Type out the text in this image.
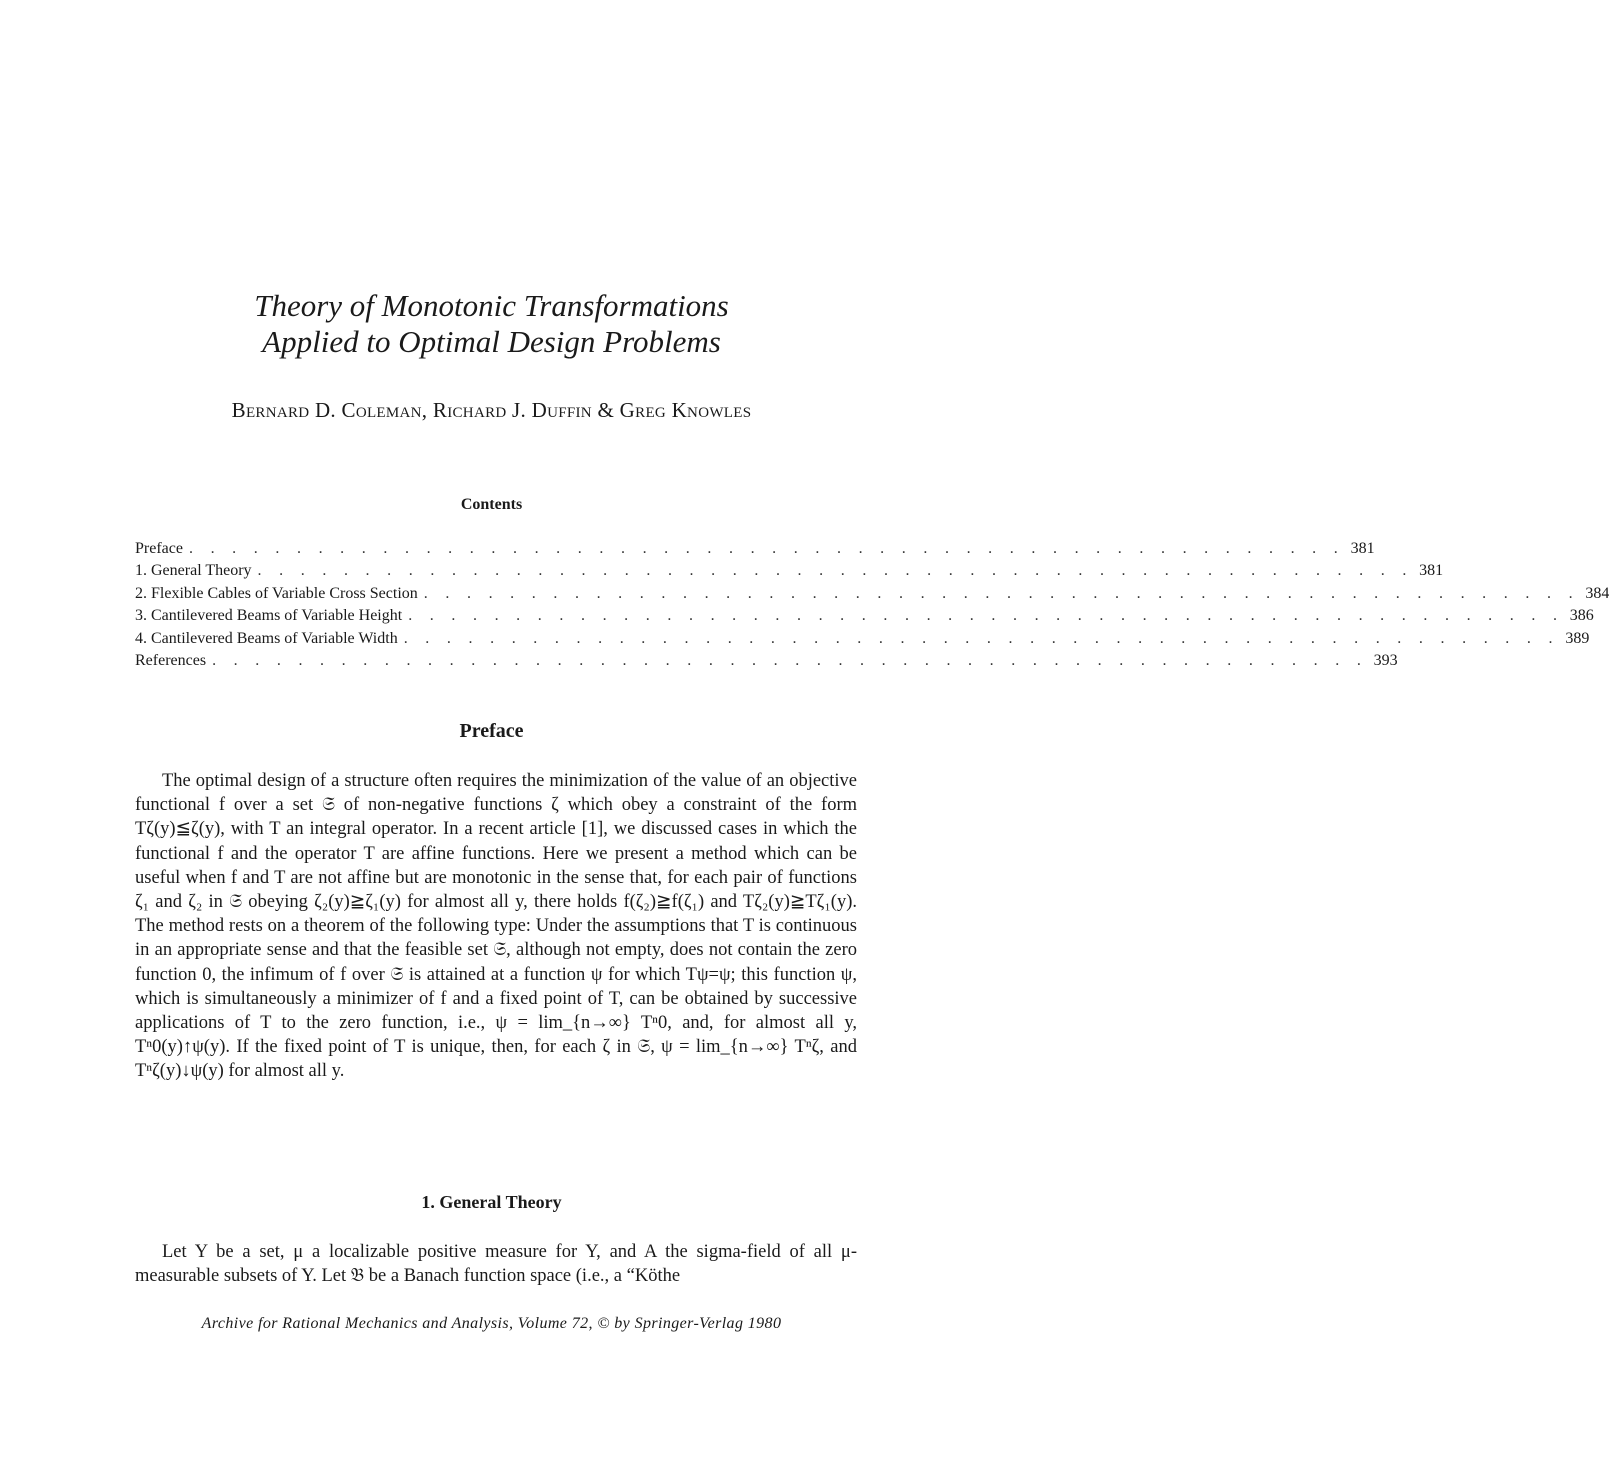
Theory of Monotonic Transformations
Applied to Optimal Design Problems
Bernard D. Coleman, Richard J. Duffin & Greg Knowles
Contents
Preface . . . . . . . . . . . . . . . . . . . . . . . . . . . . . . . . . . . . . . . . . . . . . . . . . . . . . . 381
1. General Theory . . . . . . . . . . . . . . . . . . . . . . . . . . . . . . . . . . . . . . . . . . . . . . . . . . . . . . 381
2. Flexible Cables of Variable Cross Section . . . . . . . . . . . . . . . . . . . . . . . . . . . . . . . . . . . . . . . . . . . . . . . . . . . . . . 384
3. Cantilevered Beams of Variable Height . . . . . . . . . . . . . . . . . . . . . . . . . . . . . . . . . . . . . . . . . . . . . . . . . . . . . . 386
4. Cantilevered Beams of Variable Width . . . . . . . . . . . . . . . . . . . . . . . . . . . . . . . . . . . . . . . . . . . . . . . . . . . . . . 389
References . . . . . . . . . . . . . . . . . . . . . . . . . . . . . . . . . . . . . . . . . . . . . . . . . . . . . . 393
Preface

The optimal design of a structure often requires the minimization of the value of an objective functional f over a set 𝔖 of non-negative functions ζ which obey a constraint of the form Tζ(y)≦ζ(y), with T an integral operator. In a recent article [1], we discussed cases in which the functional f and the operator T are affine functions. Here we present a method which can be useful when f and T are not affine but are monotonic in the sense that, for each pair of functions ζ₁ and ζ₂ in 𝔖 obeying ζ₂(y)≧ζ₁(y) for almost all y, there holds f(ζ₂)≧f(ζ₁) and Tζ₂(y)≧Tζ₁(y). The method rests on a theorem of the following type: Under the assumptions that T is continuous in an appropriate sense and that the feasible set 𝔖, although not empty, does not contain the zero function 0, the infimum of f over 𝔖 is attained at a function ψ for which Tψ=ψ; this function ψ, which is simultaneously a minimizer of f and a fixed point of T, can be obtained by successive applications of T to the zero function, i.e., ψ = lim_{n→∞} Tⁿ0, and, for almost all y, Tⁿ0(y)↑ψ(y). If the fixed point of T is unique, then, for each ζ in 𝔖, ψ = lim_{n→∞} Tⁿζ, and Tⁿζ(y)↓ψ(y) for almost all y.

1. General Theory

Let Y be a set, μ a localizable positive measure for Y, and A the sigma-field of all μ-measurable subsets of Y. Let 𝔅 be a Banach function space (i.e., a “Köthe

Archive for Rational Mechanics and Analysis, Volume 72, © by Springer-Verlag 1980
